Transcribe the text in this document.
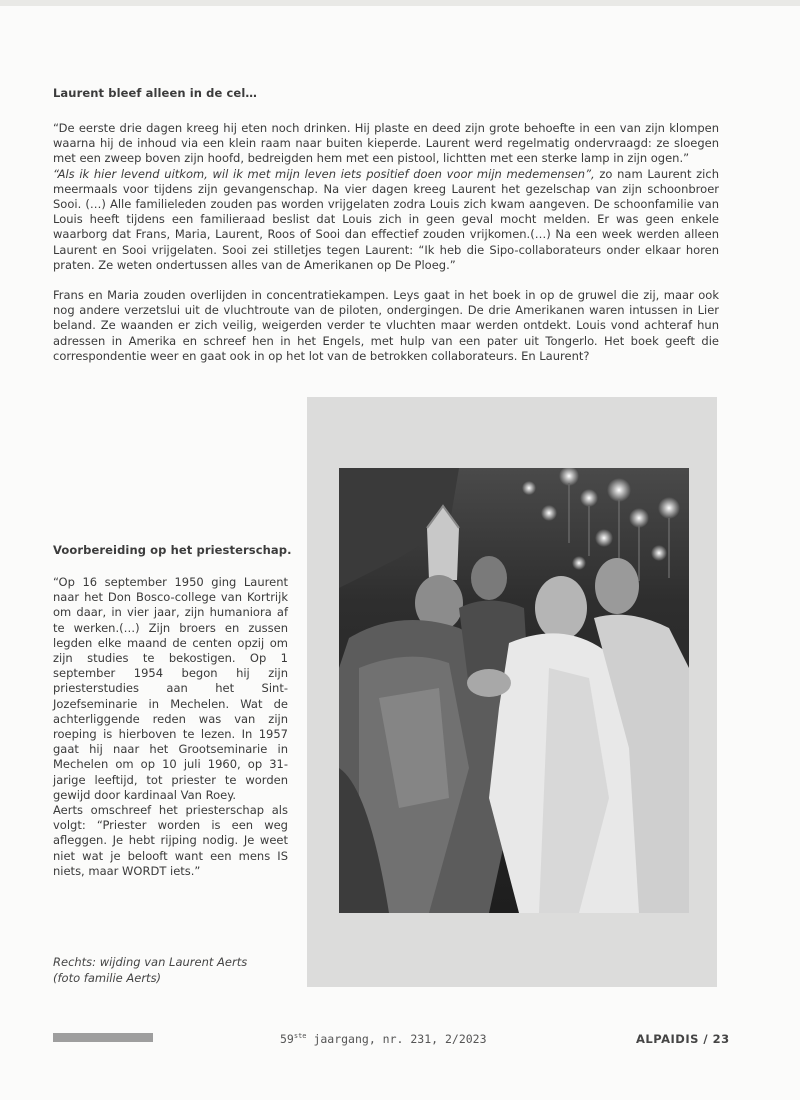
Laurent bleef alleen in de cel…

“De eerste drie dagen kreeg hij eten noch drinken. Hij plaste en deed zijn grote behoefte in een van zijn klompen waarna hij de inhoud via een klein raam naar buiten kieperde. Laurent werd regelmatig ondervraagd: ze sloegen met een zweep boven zijn hoofd, bedreigden hem met een pistool, lichtten met een sterke lamp in zijn ogen.”

“Als ik hier levend uitkom, wil ik met mijn leven iets positief doen voor mijn medemensen”, zo nam Laurent zich meermaals voor tijdens zijn gevangenschap. Na vier dagen kreeg Laurent het gezelschap van zijn schoonbroer Sooi. (…) Alle familieleden zouden pas worden vrijgelaten zodra Louis zich kwam aangeven. De schoonfamilie van Louis heeft tijdens een familieraad beslist dat Louis zich in geen geval mocht melden. Er was geen enkele waarborg dat Frans, Maria, Laurent, Roos of Sooi dan effectief zouden vrijkomen.(…) Na een week werden alleen Laurent en Sooi vrijgelaten. Sooi zei stilletjes tegen Laurent: “Ik heb die Sipo-collaborateurs onder elkaar horen praten. Ze weten ondertussen alles van de Amerikanen op De Ploeg.”

Frans en Maria zouden overlijden in concentratiekampen. Leys gaat in het boek in op de gruwel die zij, maar ook nog andere verzetslui uit de vluchtroute van de piloten, ondergingen. De drie Amerikanen waren intussen in Lier beland. Ze waanden er zich veilig, weigerden verder te vluchten maar werden ontdekt. Louis vond achteraf hun adressen in Amerika en schreef hen in het Engels, met hulp van een pater uit Tongerlo. Het boek geeft die correspondentie weer en gaat ook in op het lot van de betrokken collaborateurs. En Laurent?

Voorbereiding op het priesterschap.

“Op 16 september 1950 ging Laurent naar het Don Bosco-college van Kortrijk om daar, in vier jaar, zijn humaniora af te werken.(…) Zijn broers en zussen legden elke maand de centen opzij om zijn studies te bekostigen. Op 1 september 1954 begon hij zijn priesterstudies aan het Sint-Jozefseminarie in Mechelen. Wat de achterliggende reden was van zijn roeping is hierboven te lezen. In 1957 gaat hij naar het Grootseminarie in Mechelen om op 10 juli 1960, op 31-jarige leeftijd, tot priester te worden gewijd door kardinaal Van Roey.

Aerts omschreef het priesterschap als volgt: “Priester worden is een weg afleggen. Je hebt rijping nodig. Je weet niet wat je belooft want een mens IS niets, maar WORDT iets.”

Rechts: wijding van Laurent Aerts
(foto familie Aerts)
59ste jaargang, nr. 231, 2/2023	ALPAIDIS / 23
